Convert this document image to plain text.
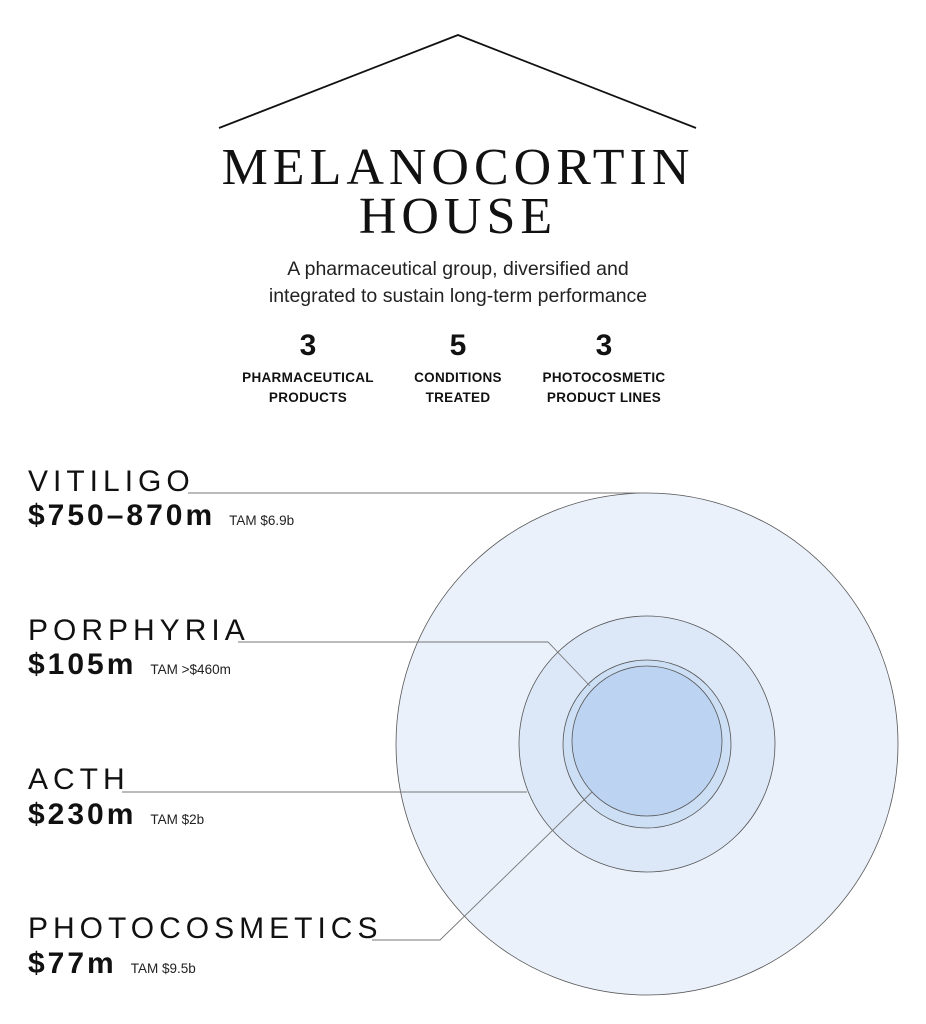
MELANOCORTIN
HOUSE
A pharmaceutical group, diversified and
integrated to sustain long-term performance
3
PHARMACEUTICAL
PRODUCTS
5
CONDITIONS
TREATED
3
PHOTOCOSMETIC
PRODUCT LINES
VITILIGO
$750–870m TAM $6.9b
PORPHYRIA
$105m TAM >$460m
ACTH
$230m TAM $2b
PHOTOCOSMETICS
$77m TAM $9.5b
